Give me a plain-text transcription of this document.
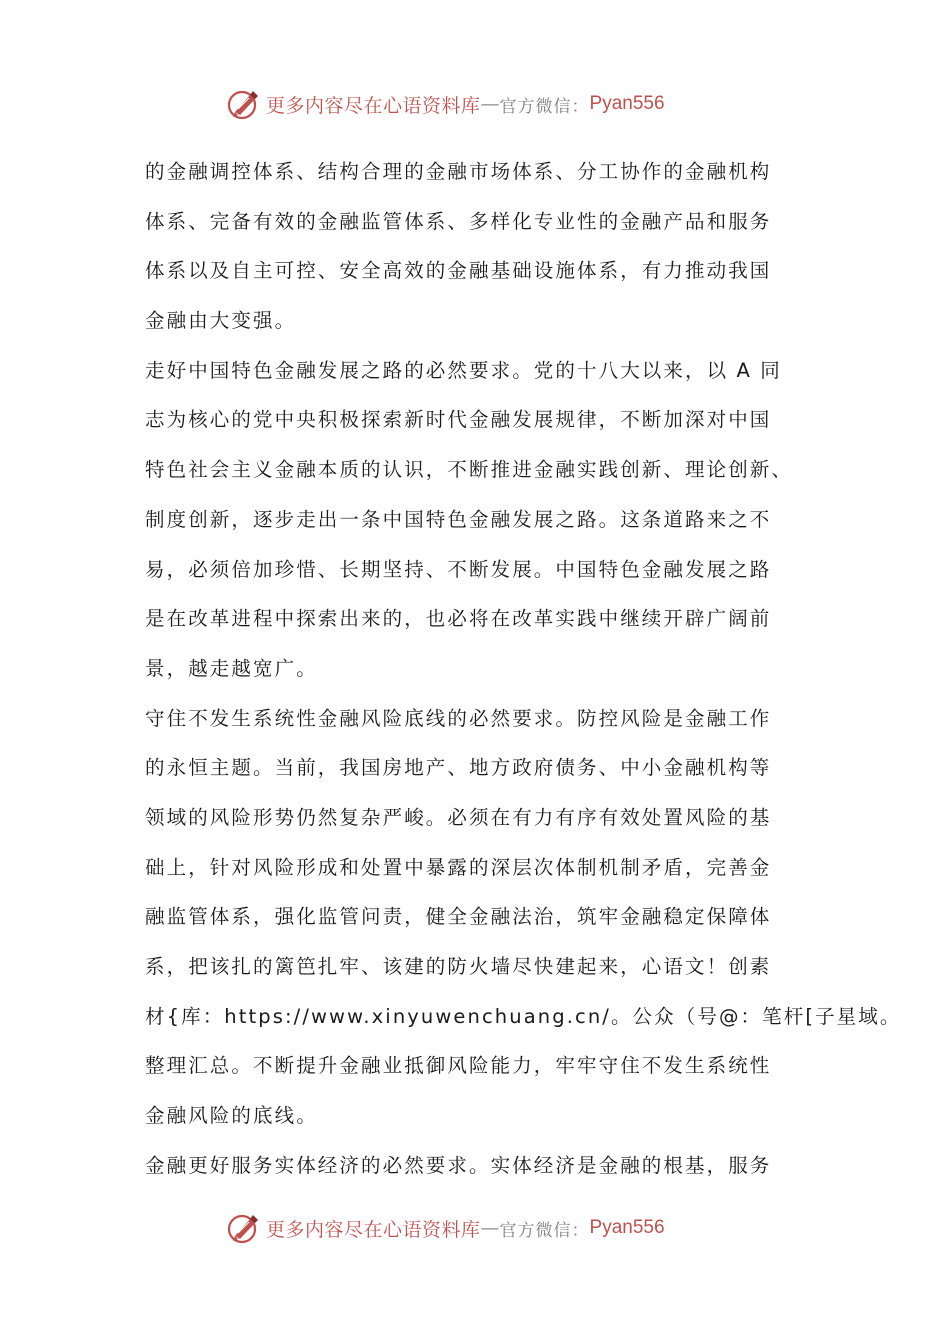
更多内容尽在心语资料库 — 官方微信： Pyan556
的金融调控体系、结构合理的金融市场体系、分工协作的金融机构
体系、完备有效的金融监管体系、多样化专业性的金融产品和服务
体系以及自主可控、安全高效的金融基础设施体系，有力推动我国
金融由大变强。
走好中国特色金融发展之路的必然要求。党的十八大以来，以 A 同
志为核心的党中央积极探索新时代金融发展规律，不断加深对中国
特色社会主义金融本质的认识，不断推进金融实践创新、理论创新、
制度创新，逐步走出一条中国特色金融发展之路。这条道路来之不
易，必须倍加珍惜、长期坚持、不断发展。中国特色金融发展之路
是在改革进程中探索出来的，也必将在改革实践中继续开辟广阔前
景，越走越宽广。
守住不发生系统性金融风险底线的必然要求。防控风险是金融工作
的永恒主题。当前，我国房地产、地方政府债务、中小金融机构等
领域的风险形势仍然复杂严峻。必须在有力有序有效处置风险的基
础上，针对风险形成和处置中暴露的深层次体制机制矛盾，完善金
融监管体系，强化监管问责，健全金融法治，筑牢金融稳定保障体
系，把该扎的篱笆扎牢、该建的防火墙尽快建起来，心语文！创素
材{库：https://www.xinyuwenchuang.cn/。公众（号@：笔杆[子星域。
整理汇总。不断提升金融业抵御风险能力，牢牢守住不发生系统性
金融风险的底线。
金融更好服务实体经济的必然要求。实体经济是金融的根基，服务
更多内容尽在心语资料库 — 官方微信： Pyan556
